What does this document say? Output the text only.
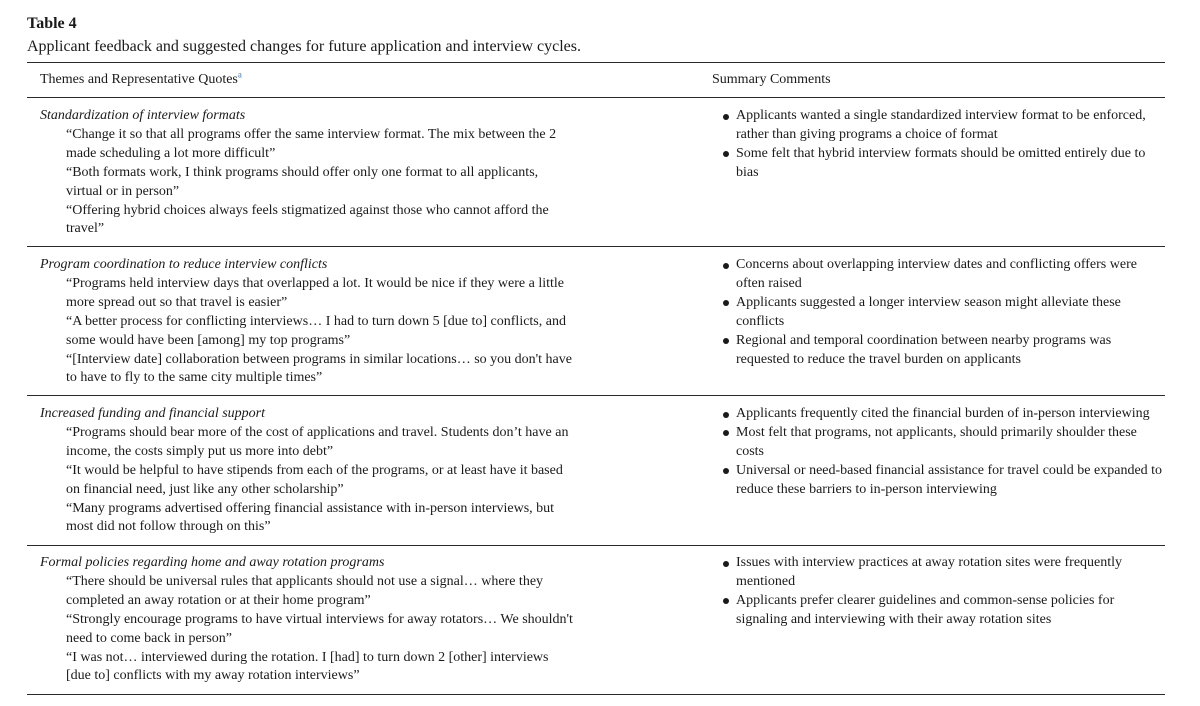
Table 4
Applicant feedback and suggested changes for future application and interview cycles.
Themes and Representative Quotes$^a$	Summary Comments
Standardization of interview formats
“Change it so that all programs offer the same interview format. The mix between the 2
made scheduling a lot more difficult”
“Both formats work, I think programs should offer only one format to all applicants,
virtual or in person”
“Offering hybrid choices always feels stigmatized against those who cannot afford the
travel”
Applicants wanted a single standardized interview format to be enforced, rather than giving programs a choice of format
Some felt that hybrid interview formats should be omitted entirely due to bias
Program coordination to reduce interview conflicts
“Programs held interview days that overlapped a lot. It would be nice if they were a little
more spread out so that travel is easier”
“A better process for conflicting interviews… I had to turn down 5 [due to] conflicts, and
some would have been [among] my top programs”
“[Interview date] collaboration between programs in similar locations… so you don't have
to have to fly to the same city multiple times”
Concerns about overlapping interview dates and conflicting offers were often raised
Applicants suggested a longer interview season might alleviate these conflicts
Regional and temporal coordination between nearby programs was requested to reduce the travel burden on applicants
Increased funding and financial support
“Programs should bear more of the cost of applications and travel. Students don’t have an
income, the costs simply put us more into debt”
“It would be helpful to have stipends from each of the programs, or at least have it based
on financial need, just like any other scholarship”
“Many programs advertised offering financial assistance with in-person interviews, but
most did not follow through on this”
Applicants frequently cited the financial burden of in-person interviewing
Most felt that programs, not applicants, should primarily shoulder these costs
Universal or need-based financial assistance for travel could be expanded to reduce these barriers to in-person interviewing
Formal policies regarding home and away rotation programs
“There should be universal rules that applicants should not use a signal… where they
completed an away rotation or at their home program”
“Strongly encourage programs to have virtual interviews for away rotators… We shouldn't
need to come back in person”
“I was not… interviewed during the rotation. I [had] to turn down 2 [other] interviews
[due to] conflicts with my away rotation interviews”
Issues with interview practices at away rotation sites were frequently mentioned
Applicants prefer clearer guidelines and common-sense policies for signaling and interviewing with their away rotation sites
